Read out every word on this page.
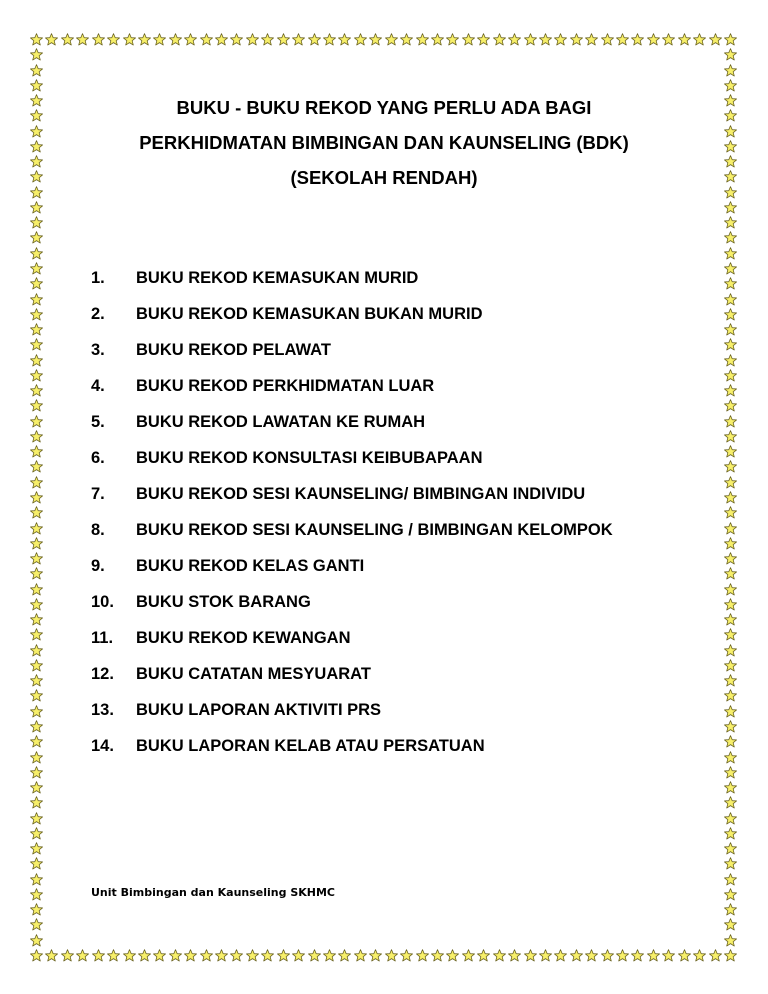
BUKU - BUKU REKOD YANG PERLU ADA BAGI
PERKHIDMATAN BIMBINGAN DAN KAUNSELING (BDK)
(SEKOLAH RENDAH)
1.	BUKU REKOD KEMASUKAN MURID
2.	BUKU REKOD KEMASUKAN BUKAN MURID
3.	BUKU REKOD PELAWAT
4.	BUKU REKOD PERKHIDMATAN LUAR
5.	BUKU REKOD LAWATAN KE RUMAH
6.	BUKU REKOD KONSULTASI KEIBUBAPAAN
7.	BUKU REKOD SESI KAUNSELING/ BIMBINGAN INDIVIDU
8.	BUKU REKOD SESI KAUNSELING / BIMBINGAN KELOMPOK
9.	BUKU REKOD KELAS GANTI
10.	BUKU STOK BARANG
11.	BUKU REKOD KEWANGAN
12.	BUKU CATATAN MESYUARAT
13.	BUKU LAPORAN AKTIVITI PRS
14.	BUKU LAPORAN KELAB ATAU PERSATUAN
Unit Bimbingan dan Kaunseling SKHMC
